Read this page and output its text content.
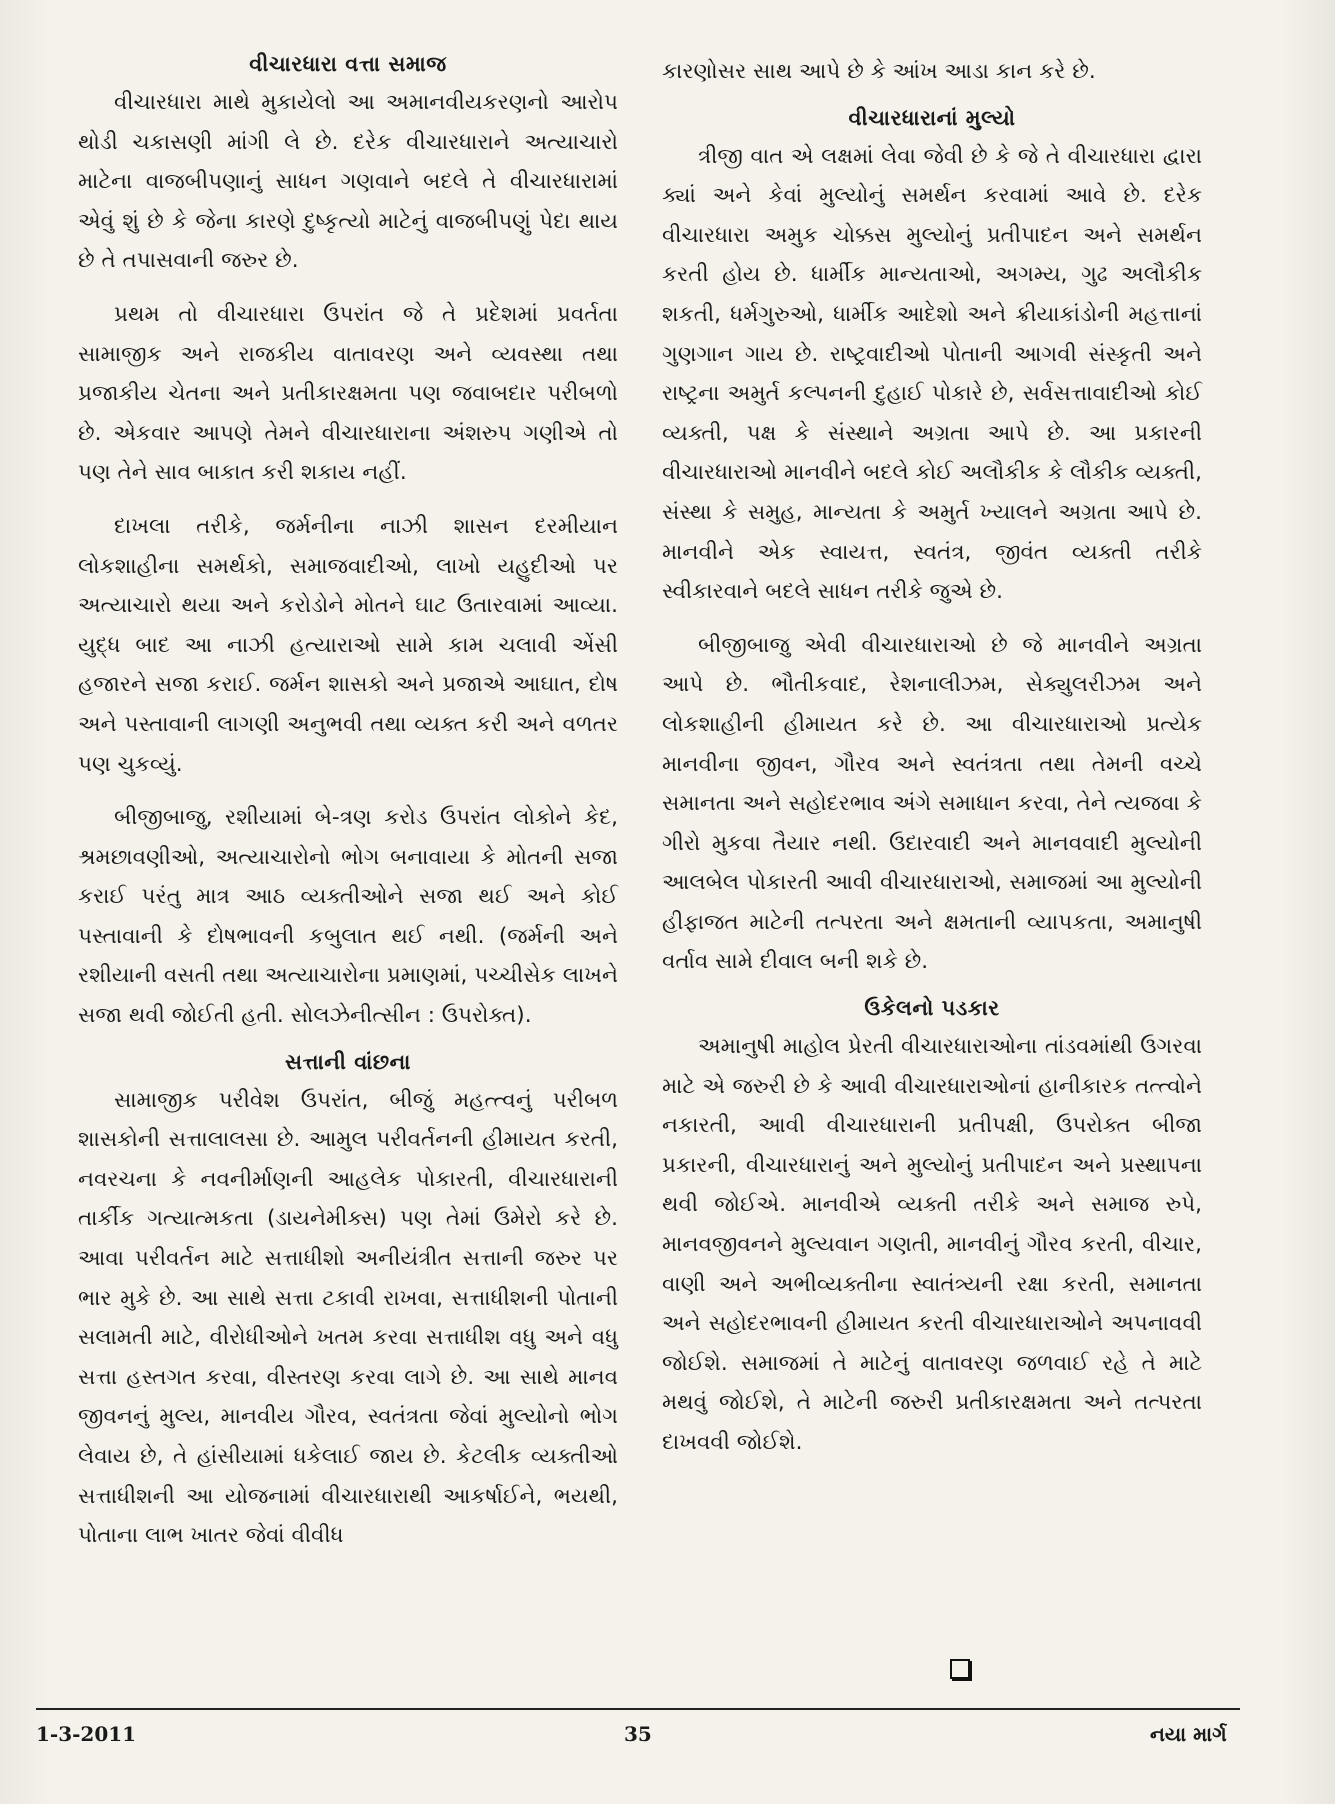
વીચારધારા વત્તા સમાજ

વીચારધારા માથે મુકાયેલો આ અમાનવીયકરણનો આરોપ થોડી ચકાસણી માંગી લે છે. દરેક વીચારધારાને અત્યાચારો માટેના વાજબીપણાનું સાધન ગણવાને બદલે તે વીચારધારામાં એવું શું છે કે જેના કારણે દુષ્કૃત્યો માટેનું વાજબીપણું પેદા થાય છે તે તપાસવાની જરુર છે.

પ્રથમ તો વીચારધારા ઉપરાંત જે તે પ્રદેશમાં પ્રવર્તતા સામાજીક અને રાજકીય વાતાવરણ અને વ્યવસ્થા તથા પ્રજાકીય ચેતના અને પ્રતીકારક્ષમતા પણ જવાબદાર પરીબળો છે. એકવાર આપણે તેમને વીચારધારાના અંશરુપ ગણીએ તો પણ તેને સાવ બાકાત કરી શકાય નહીં.

દાખલા તરીકે, જર્મનીના નાઝી શાસન દરમીયાન લોકશાહીના સમર્થકો, સમાજવાદીઓ, લાખો યહુદીઓ પર અત્યાચારો થયા અને કરોડોને મોતને ઘાટ ઉતારવામાં આવ્યા. યુદ્ધ બાદ આ નાઝી હત્યારાઓ સામે કામ ચલાવી એંસી હજારને સજા કરાઈ. જર્મન શાસકો અને પ્રજાએ આઘાત, દોષ અને પસ્તાવાની લાગણી અનુભવી તથા વ્યક્ત કરી અને વળતર પણ ચુકવ્યું.

બીજીબાજુ, રશીયામાં બે-ત્રણ કરોડ ઉપરાંત લોકોને કેદ, શ્રમછાવણીઓ, અત્યાચારોનો ભોગ બનાવાયા કે મોતની સજા કરાઈ પરંતુ માત્ર આઠ વ્યક્તીઓને સજા થઈ અને કોઈ પસ્તાવાની કે દોષભાવની કબુલાત થઈ નથી. (જર્મની અને રશીયાની વસતી તથા અત્યાચારોના પ્રમાણમાં, પચ્ચીસેક લાખને સજા થવી જોઈતી હતી. સોલઝેનીત્સીન : ઉપરોક્ત).

સત્તાની વાંછના

સામાજીક પરીવેશ ઉપરાંત, બીજું મહત્ત્વનું પરીબળ શાસકોની સત્તાલાલસા છે. આમુલ પરીવર્તનની હીમાયત કરતી, નવરચના કે નવનીર્માણની આહલેક પોકારતી, વીચારધારાની તાર્કીક ગત્યાત્મકતા (ડાયનેમીક્સ) પણ તેમાં ઉમેરો કરે છે. આવા પરીવર્તન માટે સત્તાધીશો અનીયંત્રીત સત્તાની જરુર પર ભાર મુકે છે. આ સાથે સત્તા ટકાવી રાખવા, સત્તાધીશની પોતાની સલામતી માટે, વીરોધીઓને ખતમ કરવા સત્તાધીશ વધુ અને વધુ સત્તા હસ્તગત કરવા, વીસ્તરણ કરવા લાગે છે. આ સાથે માનવ જીવનનું મુલ્ય, માનવીય ગૌરવ, સ્વતંત્રતા જેવાં મુલ્યોનો ભોગ લેવાય છે, તે હાંસીયામાં ધકેલાઈ જાય છે. કેટલીક વ્યક્તીઓ સત્તાધીશની આ યોજનામાં વીચારધારાથી આકર્ષાઈને, ભયથી, પોતાના લાભ ખાતર જેવાં વીવીધ

કારણોસર સાથ આપે છે કે આંખ આડા કાન કરે છે.

વીચારધારાનાં મુલ્યો

ત્રીજી વાત એ લક્ષમાં લેવા જેવી છે કે જે તે વીચારધારા દ્વારા ક્યાં અને કેવાં મુલ્યોનું સમર્થન કરવામાં આવે છે. દરેક વીચારધારા અમુક ચોક્કસ મુલ્યોનું પ્રતીપાદન અને સમર્થન કરતી હોય છે. ધાર્મીક માન્યતાઓ, અગમ્ય, ગુઢ અલૌકીક શકતી, ધર્મગુરુઓ, ધાર્મીક આદેશો અને ક્રીયાકાંડોની મહત્તાનાં ગુણગાન ગાય છે. રાષ્ટ્રવાદીઓ પોતાની આગવી સંસ્કૃતી અને રાષ્ટ્રના અમુર્ત કલ્પનની દુહાઈ પોકારે છે, સર્વસત્તાવાદીઓ કોઈ વ્યક્તી, પક્ષ કે સંસ્થાને અગ્રતા આપે છે. આ પ્રકારની વીચારધારાઓ માનવીને બદલે કોઈ અલૌકીક કે લૌકીક વ્યક્તી, સંસ્થા કે સમુહ, માન્યતા કે અમુર્ત ખ્યાલને અગ્રતા આપે છે. માનવીને એક સ્વાયત્ત, સ્વતંત્ર, જીવંત વ્યક્તી તરીકે સ્વીકારવાને બદલે સાધન તરીકે જુએ છે.

બીજીબાજુ એવી વીચારધારાઓ છે જે માનવીને અગ્રતા આપે છે. ભૌતીકવાદ, રેશનાલીઝમ, સેક્યુલરીઝમ અને લોકશાહીની હીમાયત કરે છે. આ વીચારધારાઓ પ્રત્યેક માનવીના જીવન, ગૌરવ અને સ્વતંત્રતા તથા તેમની વચ્ચે સમાનતા અને સહોદરભાવ અંગે સમાધાન કરવા, તેને ત્યજવા કે ગીરો મુકવા તૈયાર નથી. ઉદારવાદી અને માનવવાદી મુલ્યોની આલબેલ પોકારતી આવી વીચારધારાઓ, સમાજમાં આ મુલ્યોની હીફાજત માટેની તત્પરતા અને ક્ષમતાની વ્યાપકતા, અમાનુષી વર્તાવ સામે દીવાલ બની શકે છે.

ઉકેલનો પડકાર

અમાનુષી માહોલ પ્રેરતી વીચારધારાઓના તાંડવમાંથી ઉગરવા માટે એ જરુરી છે કે આવી વીચારધારાઓનાં હાનીકારક તત્ત્વોને નકારતી, આવી વીચારધારાની પ્રતીપક્ષી, ઉપરોક્ત બીજા પ્રકારની, વીચારધારાનું અને મુલ્યોનું પ્રતીપાદન અને પ્રસ્થાપના થવી જોઈએ. માનવીએ વ્યક્તી તરીકે અને સમાજ રુપે, માનવજીવનને મુલ્યવાન ગણતી, માનવીનું ગૌરવ કરતી, વીચાર, વાણી અને અભીવ્યક્તીના સ્વાતંત્ર્યની રક્ષા કરતી, સમાનતા અને સહોદરભાવની હીમાયત કરતી વીચારધારાઓને અપનાવવી જોઈશે. સમાજમાં તે માટેનું વાતાવરણ જળવાઈ રહે તે માટે મથવું જોઈશે, તે માટેની જરુરી પ્રતીકારક્ષમતા અને તત્પરતા દાખવવી જોઈશે.

1-3-2011	35	નયા માર્ગ
